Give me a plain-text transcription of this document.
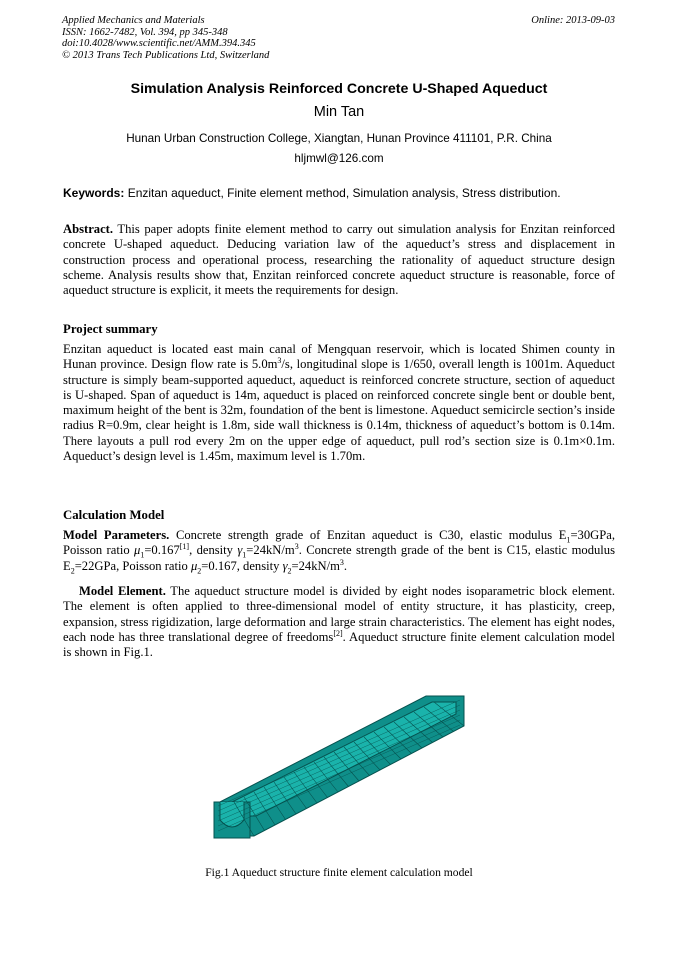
Applied Mechanics and Materials
ISSN: 1662-7482, Vol. 394, pp 345-348
doi:10.4028/www.scientific.net/AMM.394.345
© 2013 Trans Tech Publications Ltd, Switzerland
Online: 2013-09-03
Simulation Analysis Reinforced Concrete U-Shaped Aqueduct
Min Tan
Hunan Urban Construction College, Xiangtan, Hunan Province 411101, P.R. China
hljmwl@126.com
Keywords: Enzitan aqueduct, Finite element method, Simulation analysis, Stress distribution.
Abstract. This paper adopts finite element method to carry out simulation analysis for Enzitan reinforced concrete U-shaped aqueduct. Deducing variation law of the aqueduct’s stress and displacement in construction process and operational process, researching the rationality of aqueduct structure design scheme. Analysis results show that, Enzitan reinforced concrete aqueduct structure is reasonable, force of aqueduct structure is explicit, it meets the requirements for design.
Project summary
Enzitan aqueduct is located east main canal of Mengquan reservoir, which is located Shimen county in Hunan province. Design flow rate is $5.0m^3/s$, longitudinal slope is 1/650, overall length is 1001m. Aqueduct structure is simply beam-supported aqueduct, aqueduct is reinforced concrete structure, section of aqueduct is U-shaped. Span of aqueduct is 14m, aqueduct is placed on reinforced concrete single bent or double bent, maximum height of the bent is 32m, foundation of the bent is limestone. Aqueduct semicircle section’s inside radius R=0.9m, clear height is 1.8m, side wall thickness is 0.14m, thickness of aqueduct’s bottom is 0.14m. There layouts a pull rod every 2m on the upper edge of aqueduct, pull rod’s section size is 0.1m×0.1m. Aqueduct’s design level is 1.45m, maximum level is 1.70m.
Calculation Model
Model Parameters. Concrete strength grade of Enzitan aqueduct is C30, elastic modulus $E_1=30GPa$, Poisson ratio $\mu_1=0.167[1]$, density $\gamma_1=24kN/m^3$. Concrete strength grade of the bent is C15, elastic modulus $E_2=22GPa$, Poisson ratio $\mu_2=0.167$, density $\gamma_2=24kN/m^3$.
Model Element. The aqueduct structure model is divided by eight nodes isoparametric block element. The element is often applied to three-dimensional model of entity structure, it has plasticity, creep, expansion, stress rigidization, large deformation and large strain characteristics. The element has eight nodes, each node has three translational degree of freedoms[2]. Aqueduct structure finite element calculation model is shown in Fig.1.
Fig.1 Aqueduct structure finite element calculation model
